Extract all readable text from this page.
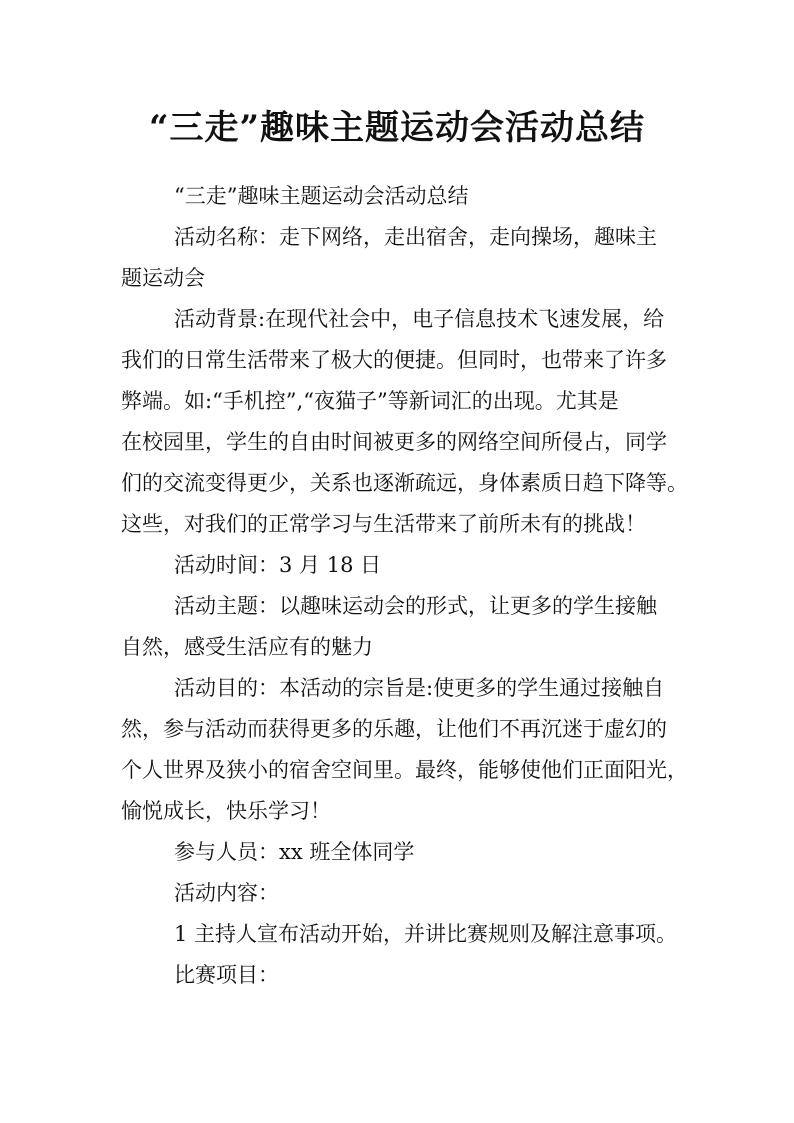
“三走”趣味主题运动会活动总结
“三走”趣味主题运动会活动总结
活动名称：走下网络，走出宿舍，走向操场，趣味主
题运动会
活动背景:在现代社会中，电子信息技术飞速发展，给
我们的日常生活带来了极大的便捷。但同时，也带来了许多
弊端。如:“手机控”,“夜猫子”等新词汇的出现。尤其是
在校园里，学生的自由时间被更多的网络空间所侵占，同学
们的交流变得更少，关系也逐渐疏远，身体素质日趋下降等。
这些，对我们的正常学习与生活带来了前所未有的挑战！
活动时间：3 月 18 日
活动主题：以趣味运动会的形式，让更多的学生接触
自然，感受生活应有的魅力
活动目的：本活动的宗旨是:使更多的学生通过接触自
然，参与活动而获得更多的乐趣，让他们不再沉迷于虚幻的
个人世界及狭小的宿舍空间里。最终，能够使他们正面阳光，
愉悦成长，快乐学习！
参与人员：xx 班全体同学
活动内容：
1 主持人宣布活动开始，并讲比赛规则及解注意事项。
比赛项目：
